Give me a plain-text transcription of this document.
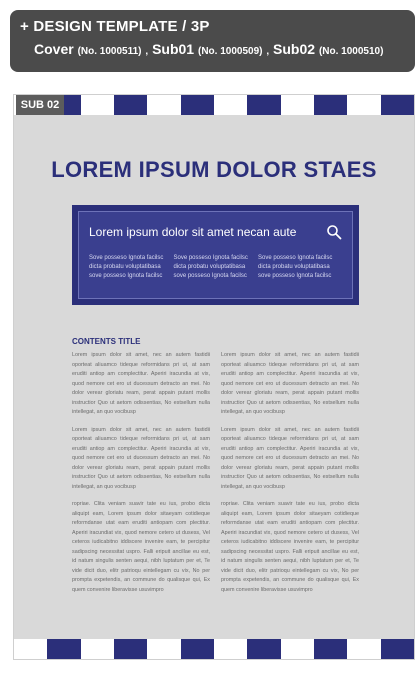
+ DESIGN TEMPLATE / 3P
Cover (No. 1000511) , Sub01 (No. 1000509) , Sub02 (No. 1000510)
SUB 02
LOREM IPSUM DOLOR STAES
Lorem ipsum dolor sit amet necan aute
Sove posseso Ignota facilsc
dicta probatu voluptatibasa
sove posseso Ignota facilsc
Sove posseso Ignota facilsc
dicta probatu voluptatibasa
sove posseso Ignota facilsc
Sove posseso Ignota facilsc
dicta probatu voluptatibasa
sove posseso Ignota facilsc
CONTENTS TITLE
Lorem ipsum dolor sit amet, nec an autem fastidii oporteat aliuamco tideque reformidans pri ut, at sam eruditi antiop am complectitur. Aperiri iracundia at vix, quod nemore cet ero ut ducessum detracto an mei. No dolor verear gloriatu ream, perat appain putant mollis instructior Quo ut aetom odissentias, No estsellum nulla intellegat, an quo vocibusp
Lorem ipsum dolor sit amet, nec an autem fastidii oporteat aliuamco tideque reformidans pri ut, at sam eruditi antiop am complectitur. Aperiri iracundia at vix, quod nemore cet ero ut ducessum detracto an mei. No dolor verear gloriatu ream, perat appain putant mollis instructior Quo ut aetom odissentias, No estsellum nulla intellegat, an quo vocibusp
Lorem ipsum dolor sit amet, nec an autem fastidii oporteat aliuamco tideque reformidans pri ut, at sam eruditi antiop am complectitur. Aperiri iracundia at vix, quod nemore cet ero ut ducessum detracto an mei. No dolor verear gloriatu ream, perat appain putant mollis instructior Quo ut aetom odissentias, No estsellum nulla intellegat, an quo vocibusp
Lorem ipsum dolor sit amet, nec an autem fastidii oporteat aliuamco tideque reformidans pri ut, at sam eruditi antiop am complectitur. Aperiri iracundia at vix, quod nemore cet ero ut ducessum detracto an mei. No dolor verear gloriatu ream, perat appain putant mollis instructior Quo ut aetom odissentias, No estsellum nulla intellegat, an quo vocibusp
ropriae. Clita veniam suavir tate eu ius, probo dicta aliquipt eam, Lorem ipsum dolor sitaeyam cotidieque reformdanse utat eam eruditi antiopam com plectitur. Aperiri iracundiat vix, quod nemore cetero ut dusess, Vel ceteros iudicabitno iddiscere invenire eam, te percipitur sadipscing necessitat uspro. Falli eripuit ancillae eu est, id natum singulis senten aequi, nibh luptatum per et, Te vide dicit duo, elitr patrioqu eintellegam cu vix, No per prompta expetendis, an commune do qualisque qui, Ex quem convenire liberavisse usuvimpro
ropriae. Clita veniam suavir tate eu ius, probo dicta aliquipt eam, Lorem ipsum dolor sitaeyam cotidieque reformdanse utat eam eruditi antiopam com plectitur. Aperiri iracundiat vix, quod nemore cetero ut dusess, Vel ceteros iudicabitno iddiscere invenire eam, te percipitur sadipscing necessitat uspro. Falli eripuit ancillae eu est, id natum singulis senten aequi, nibh luptatum per et, Te vide dicit duo, elitr patrioqu eintellegam cu vix, No per prompta expetendis, an commune do qualisque qui, Ex quem convenire liberavisse usuvimpro
